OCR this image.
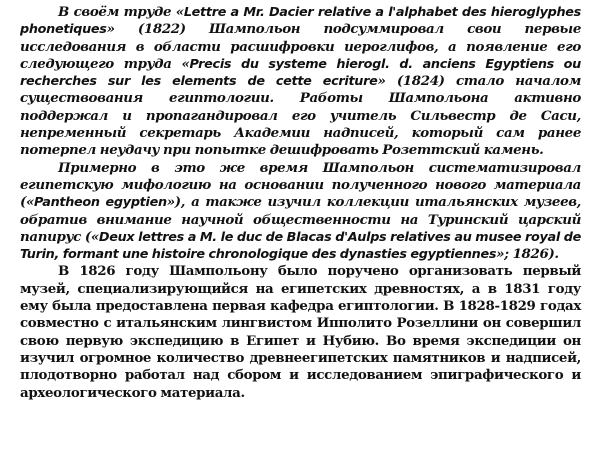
В своём труде «Lettre a Mr. Dacier relative a l'alphabet des hieroglyphes phonetiques» (1822) Шампольон подсуммировал свои первые исследования в области расшифровки иероглифов, а появление его следующего труда «Precis du systeme hierogl. d. anciens Egyptiens ou recherches sur les elements de cette ecriture» (1824) стало началом существования египтологии. Работы Шампольона активно поддержал и пропагандировал его учитель Сильвестр де Саси, непременный секретарь Академии надписей, который сам ранее потерпел неудачу при попытке дешифровать Розеттский камень.

Примерно в это же время Шампольон систематизировал египетскую мифологию на основании полученного нового материала («Pantheon egyptien»), а также изучил коллекции итальянских музеев, обратив внимание научной общественности на Туринский царский папирус («Deux lettres a M. le duc de Blacas d'Aulps relatives au musee royal de Turin, formant une histoire chronologique des dynasties egyptiennes»; 1826).

В 1826 году Шампольону было поручено организовать первый музей, специализирующийся на египетских древностях, а в 1831 году ему была предоставлена первая кафедра египтологии. В 1828-1829 годах совместно с итальянским лингвистом Ипполито Розеллини он совершил свою первую экспедицию в Египет и Нубию. Во время экспедиции он изучил огромное количество древнеегипетских памятников и надписей, плодотворно работал над сбором и исследованием эпиграфического и археологического материала.
